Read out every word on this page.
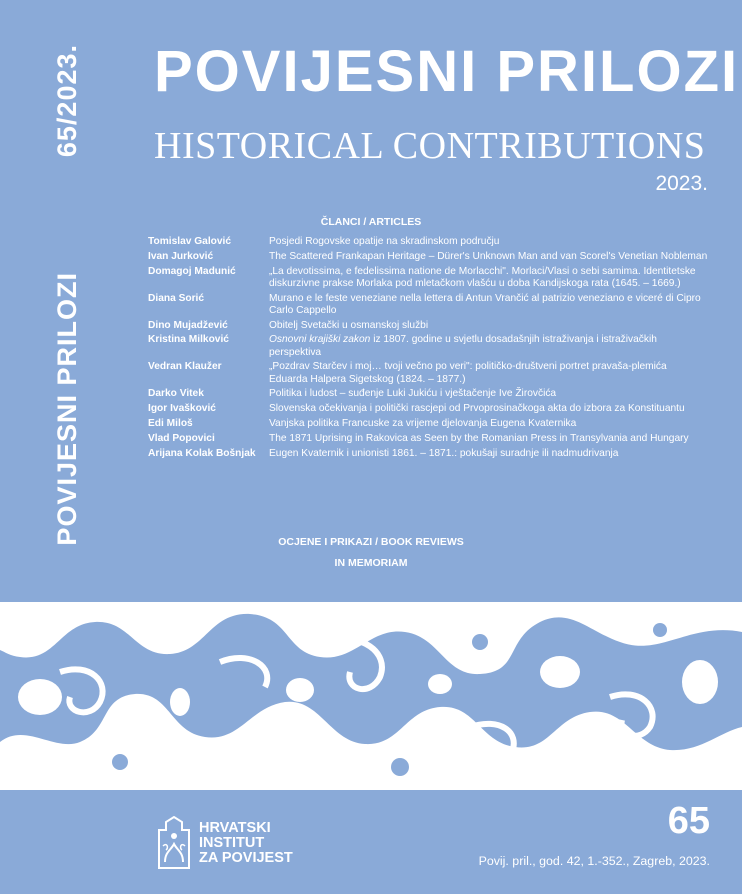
65/2023.
POVIJESNI PRILOZI
POVIJESNI PRILOZI
HISTORICAL CONTRIBUTIONS
2023.
ČLANCI / ARTICLES
Tomislav Galović	Posjedi Rogovske opatije na skradinskom području
Ivan Jurković	The Scattered Frankapan Heritage – Dürer's Unknown Man and van Scorel's Venetian Nobleman
Domagoj Madunić	„La devotissima, e fedelissima natione de Morlacchi". Morlaci/Vlasi o sebi samima. Identitetske diskurzivne prakse Morlaka pod mletačkom vlašću u doba Kandijskoga rata (1645. – 1669.)
Diana Sorić	Murano e le feste veneziane nella lettera di Antun Vrančić al patrizio veneziano e viceré di Cipro Carlo Cappello
Dino Mujadžević	Obitelj Svetački u osmanskoj službi
Kristina Milković	Osnovni krajiški zakon iz 1807. godine u svjetlu dosadašnjih istraživanja i istraživačkih perspektiva
Vedran Klaužer	„Pozdrav Starčev i moj… tvoji večno po veri": političko-društveni portret pravaša-plemića Eduarda Halpera Sigetskog (1824. – 1877.)
Darko Vitek	Politika i ludost – suđenje Luki Jukiću i vještačenje Ive Žirovčića
Igor Ivašković	Slovenska očekivanja i politički rascjepi od Prvoprosinačkoga akta do izbora za Konstituantu
Edi Miloš	Vanjska politika Francuske za vrijeme djelovanja Eugena Kvaternika
Vlad Popovici	The 1871 Uprising in Rakovica as Seen by the Romanian Press in Transylvania and Hungary
Arijana Kolak Bošnjak	Eugen Kvaternik i unionisti 1861. – 1871.: pokušaji suradnje ili nadmudrivanja
OCJENE I PRIKAZI / BOOK REVIEWS
IN MEMORIAM
HRVATSKI
INSTITUT
ZA POVIJEST
65
Povij. pril., god. 42, 1.-352., Zagreb, 2023.
